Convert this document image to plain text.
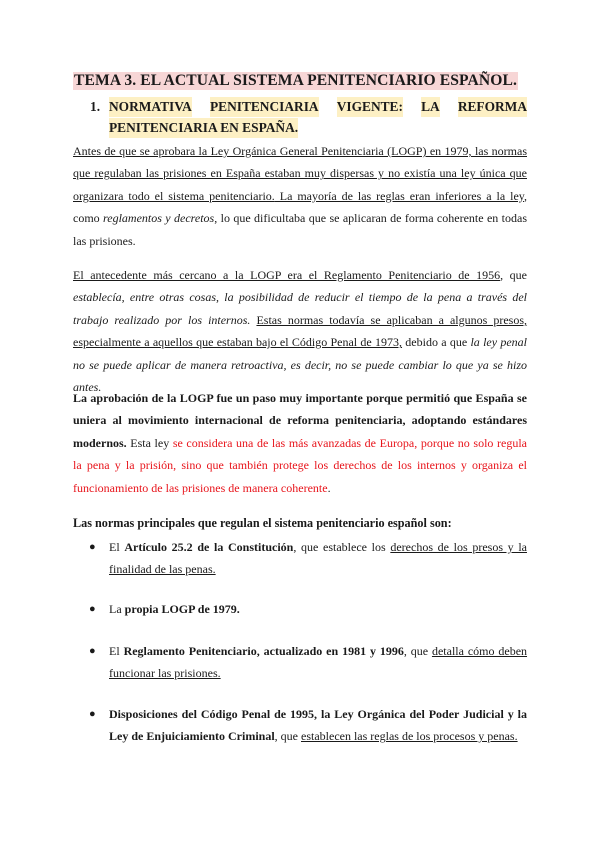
TEMA 3. EL ACTUAL SISTEMA PENITENCIARIO ESPAÑOL.
1. NORMATIVA PENITENCIARIA VIGENTE: LA REFORMA
PENITENCIARIA EN ESPAÑA.

Antes de que se aprobara la Ley Orgánica General Penitenciaria (LOGP) en 1979, las normas que regulaban las prisiones en España estaban muy dispersas y no existía una ley única que organizara todo el sistema penitenciario. La mayoría de las reglas eran inferiores a la ley, como reglamentos y decretos, lo que dificultaba que se aplicaran de forma coherente en todas las prisiones.

El antecedente más cercano a la LOGP era el Reglamento Penitenciario de 1956, que establecía, entre otras cosas, la posibilidad de reducir el tiempo de la pena a través del trabajo realizado por los internos. Estas normas todavía se aplicaban a algunos presos, especialmente a aquellos que estaban bajo el Código Penal de 1973, debido a que la ley penal no se puede aplicar de manera retroactiva, es decir, no se puede cambiar lo que ya se hizo antes.

La aprobación de la LOGP fue un paso muy importante porque permitió que España se uniera al movimiento internacional de reforma penitenciaria, adoptando estándares modernos. Esta ley se considera una de las más avanzadas de Europa, porque no solo regula la pena y la prisión, sino que también protege los derechos de los internos y organiza el funcionamiento de las prisiones de manera coherente.

Las normas principales que regulan el sistema penitenciario español son:

● El Artículo 25.2 de la Constitución, que establece los derechos de los presos y la finalidad de las penas.
● La propia LOGP de 1979.
● El Reglamento Penitenciario, actualizado en 1981 y 1996, que detalla cómo deben funcionar las prisiones.
● Disposiciones del Código Penal de 1995, la Ley Orgánica del Poder Judicial y la Ley de Enjuiciamiento Criminal, que establecen las reglas de los procesos y penas.
